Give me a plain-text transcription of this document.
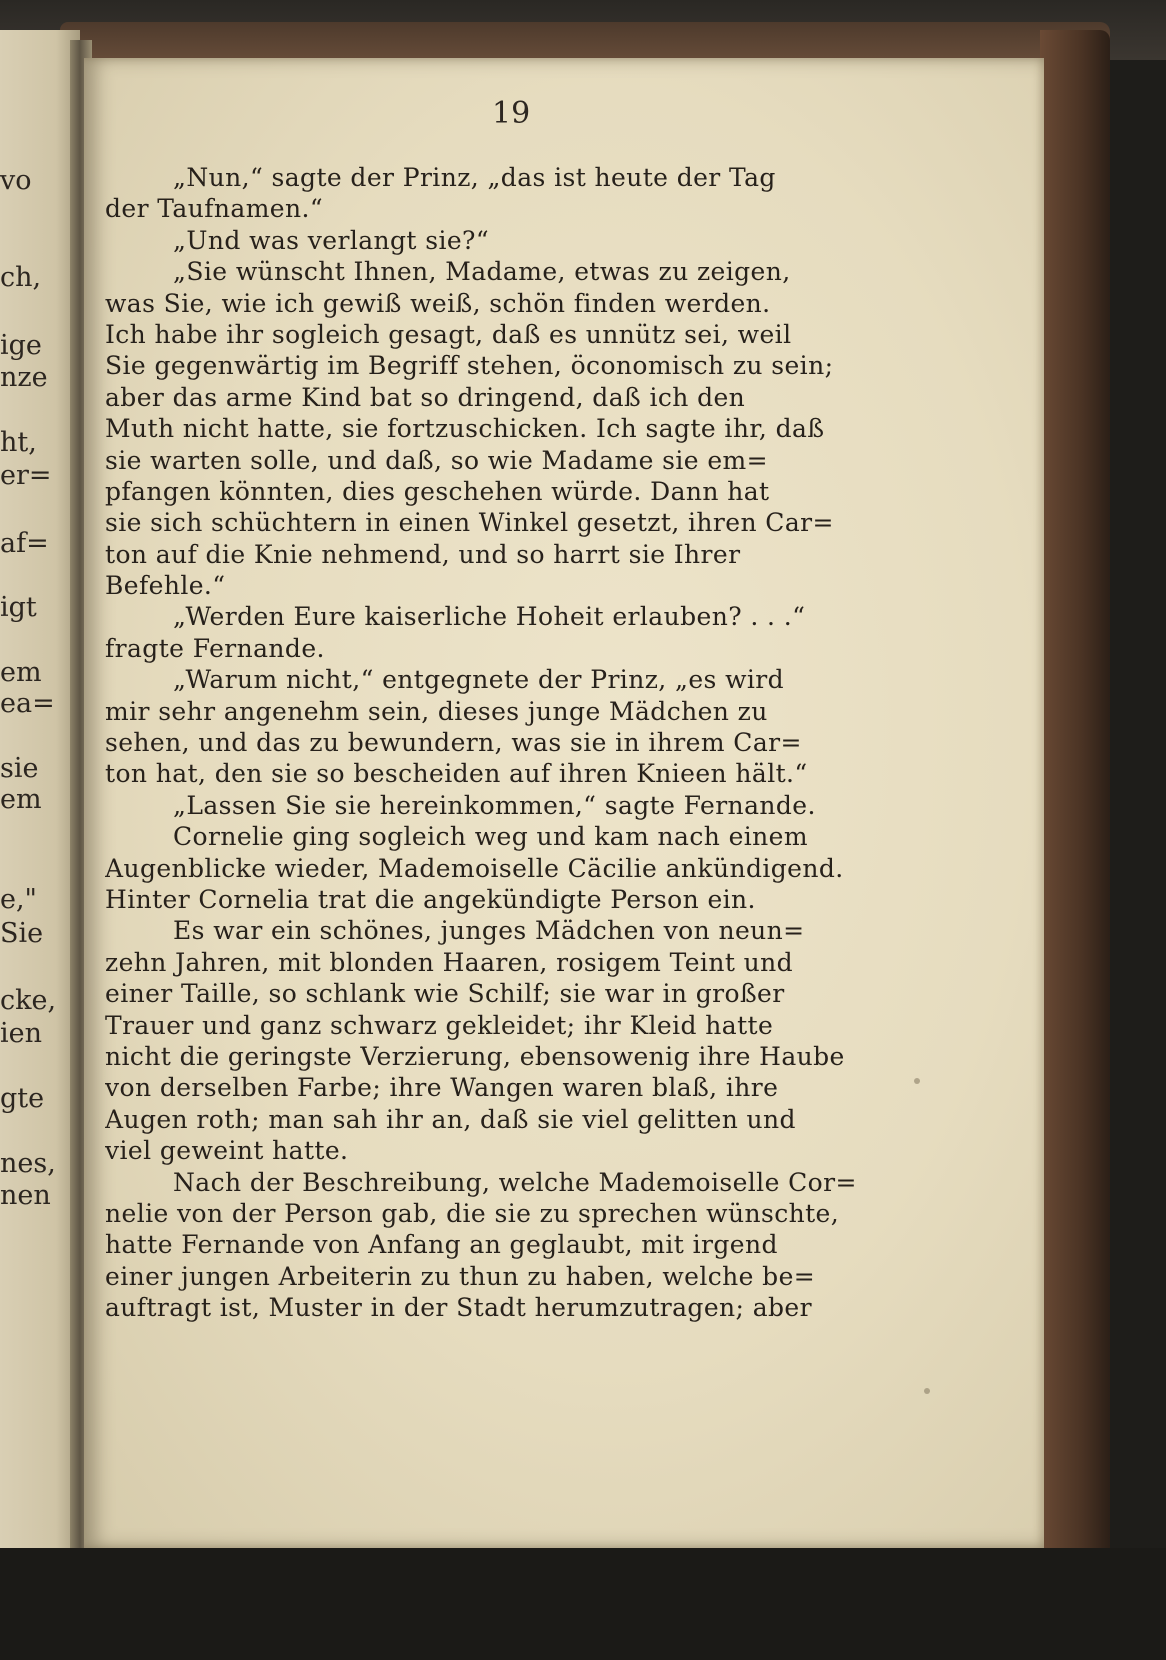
vo
ch,
ige
nze
ht,
er=
af=
igt
em
ea=
sie
em
e,"
Sie
cke,
ien
gte
nes,
nen
19
„Nun,“ sagte der Prinz, „das ist heute der Tag
der Taufnamen.“
„Und was verlangt sie?“
„Sie wünscht Ihnen, Madame, etwas zu zeigen,
was Sie, wie ich gewiß weiß, schön finden werden.
Ich habe ihr sogleich gesagt, daß es unnütz sei, weil
Sie gegenwärtig im Begriff stehen, öconomisch zu sein;
aber das arme Kind bat so dringend, daß ich den
Muth nicht hatte, sie fortzuschicken. Ich sagte ihr, daß
sie warten solle, und daß, so wie Madame sie em=
pfangen könnten, dies geschehen würde. Dann hat
sie sich schüchtern in einen Winkel gesetzt, ihren Car=
ton auf die Knie nehmend, und so harrt sie Ihrer
Befehle.“
„Werden Eure kaiserliche Hoheit erlauben? . . .“
fragte Fernande.
„Warum nicht,“ entgegnete der Prinz, „es wird
mir sehr angenehm sein, dieses junge Mädchen zu
sehen, und das zu bewundern, was sie in ihrem Car=
ton hat, den sie so bescheiden auf ihren Knieen hält.“
„Lassen Sie sie hereinkommen,“ sagte Fernande.
Cornelie ging sogleich weg und kam nach einem
Augenblicke wieder, Mademoiselle Cäcilie ankündigend.
Hinter Cornelia trat die angekündigte Person ein.
Es war ein schönes, junges Mädchen von neun=
zehn Jahren, mit blonden Haaren, rosigem Teint und
einer Taille, so schlank wie Schilf; sie war in großer
Trauer und ganz schwarz gekleidet; ihr Kleid hatte
nicht die geringste Verzierung, ebensowenig ihre Haube
von derselben Farbe; ihre Wangen waren blaß, ihre
Augen roth; man sah ihr an, daß sie viel gelitten und
viel geweint hatte.
Nach der Beschreibung, welche Mademoiselle Cor=
nelie von der Person gab, die sie zu sprechen wünschte,
hatte Fernande von Anfang an geglaubt, mit irgend
einer jungen Arbeiterin zu thun zu haben, welche be=
auftragt ist, Muster in der Stadt herumzutragen; aber
